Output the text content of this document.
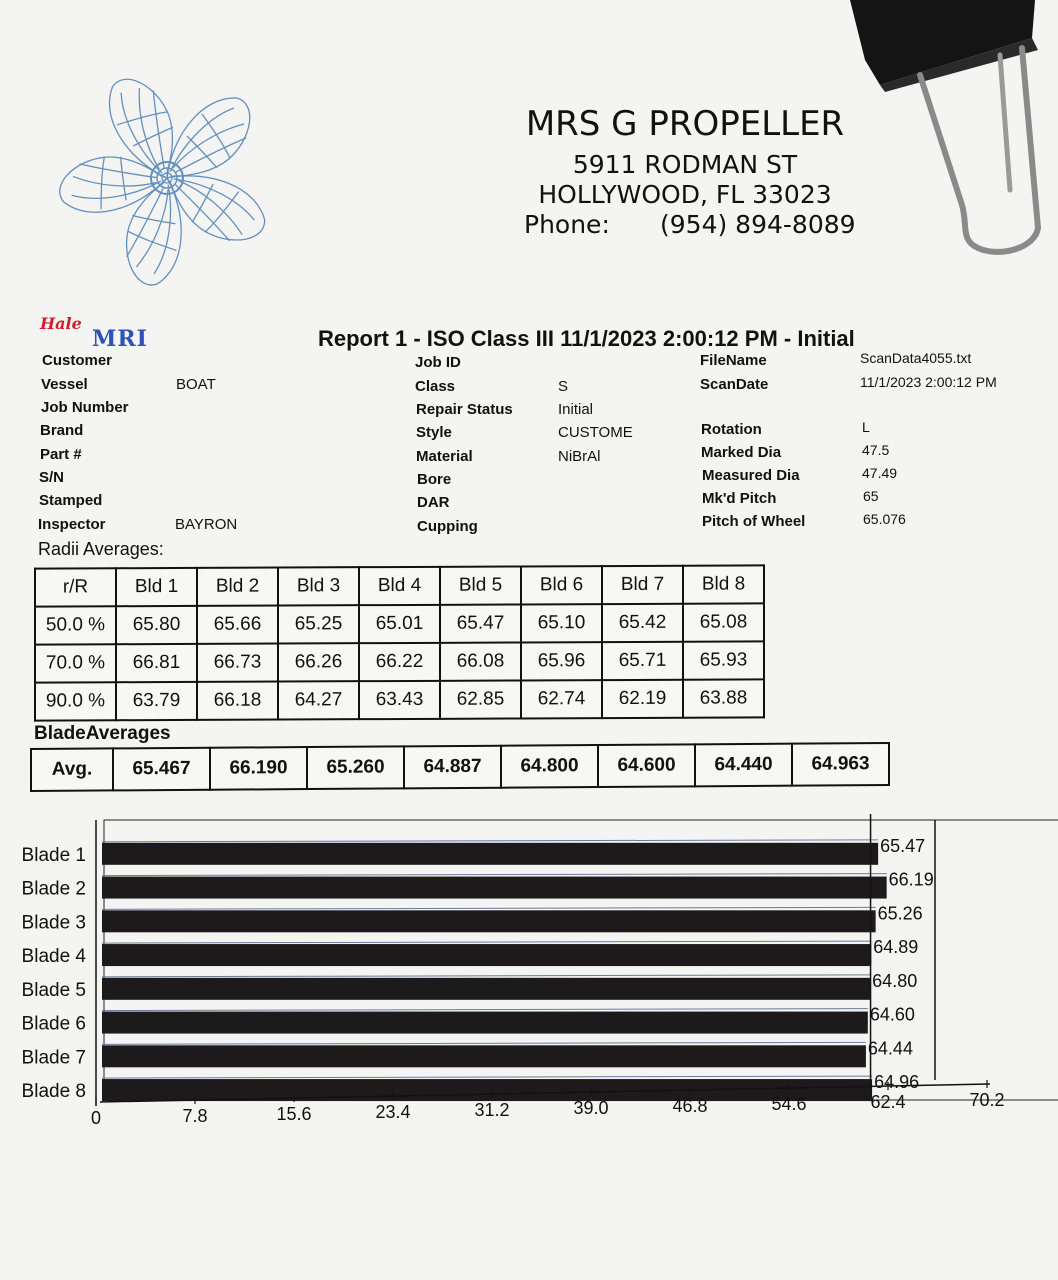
MRS G PROPELLER
5911 RODMAN ST
HOLLYWOOD, FL 33023
Phone: (954) 894-8089
Hale
MRI	Report 1 - ISO Class III 11/1/2023 2:00:12 PM - Initial
Customer
Vessel	BOAT
Job Number
Brand
Part #
S/N
Stamped
Inspector	BAYRON
Job ID
Class	S
Repair Status	Initial
Style	CUSTOME
Material	NiBrAl
Bore
DAR
Cupping
FileName	ScanData4055.txt
ScanDate	11/1/2023 2:00:12 PM
Rotation	L
Marked Dia	47.5
Measured Dia	47.49
Mk'd Pitch	65
Pitch of Wheel	65.076
Radii Averages:
r/R	Bld 1	Bld 2	Bld 3	Bld 4	Bld 5	Bld 6	Bld 7	Bld 8
50.0 %	65.80	65.66	65.25	65.01	65.47	65.10	65.42	65.08
70.0 %	66.81	66.73	66.26	66.22	66.08	65.96	65.71	65.93
90.0 %	63.79	66.18	64.27	63.43	62.85	62.74	62.19	63.88
BladeAverages
Avg.	65.467	66.190	65.260	64.887	64.800	64.600	64.440	64.963
Blade 1	65.47
Blade 2	66.19
Blade 3	65.26
Blade 4	64.89
Blade 5	64.80
Blade 6	64.60
Blade 7	64.44
Blade 8	64.96
0	7.8	15.6	23.4	31.2	39.0	46.8	54.6	62.4	70.2
